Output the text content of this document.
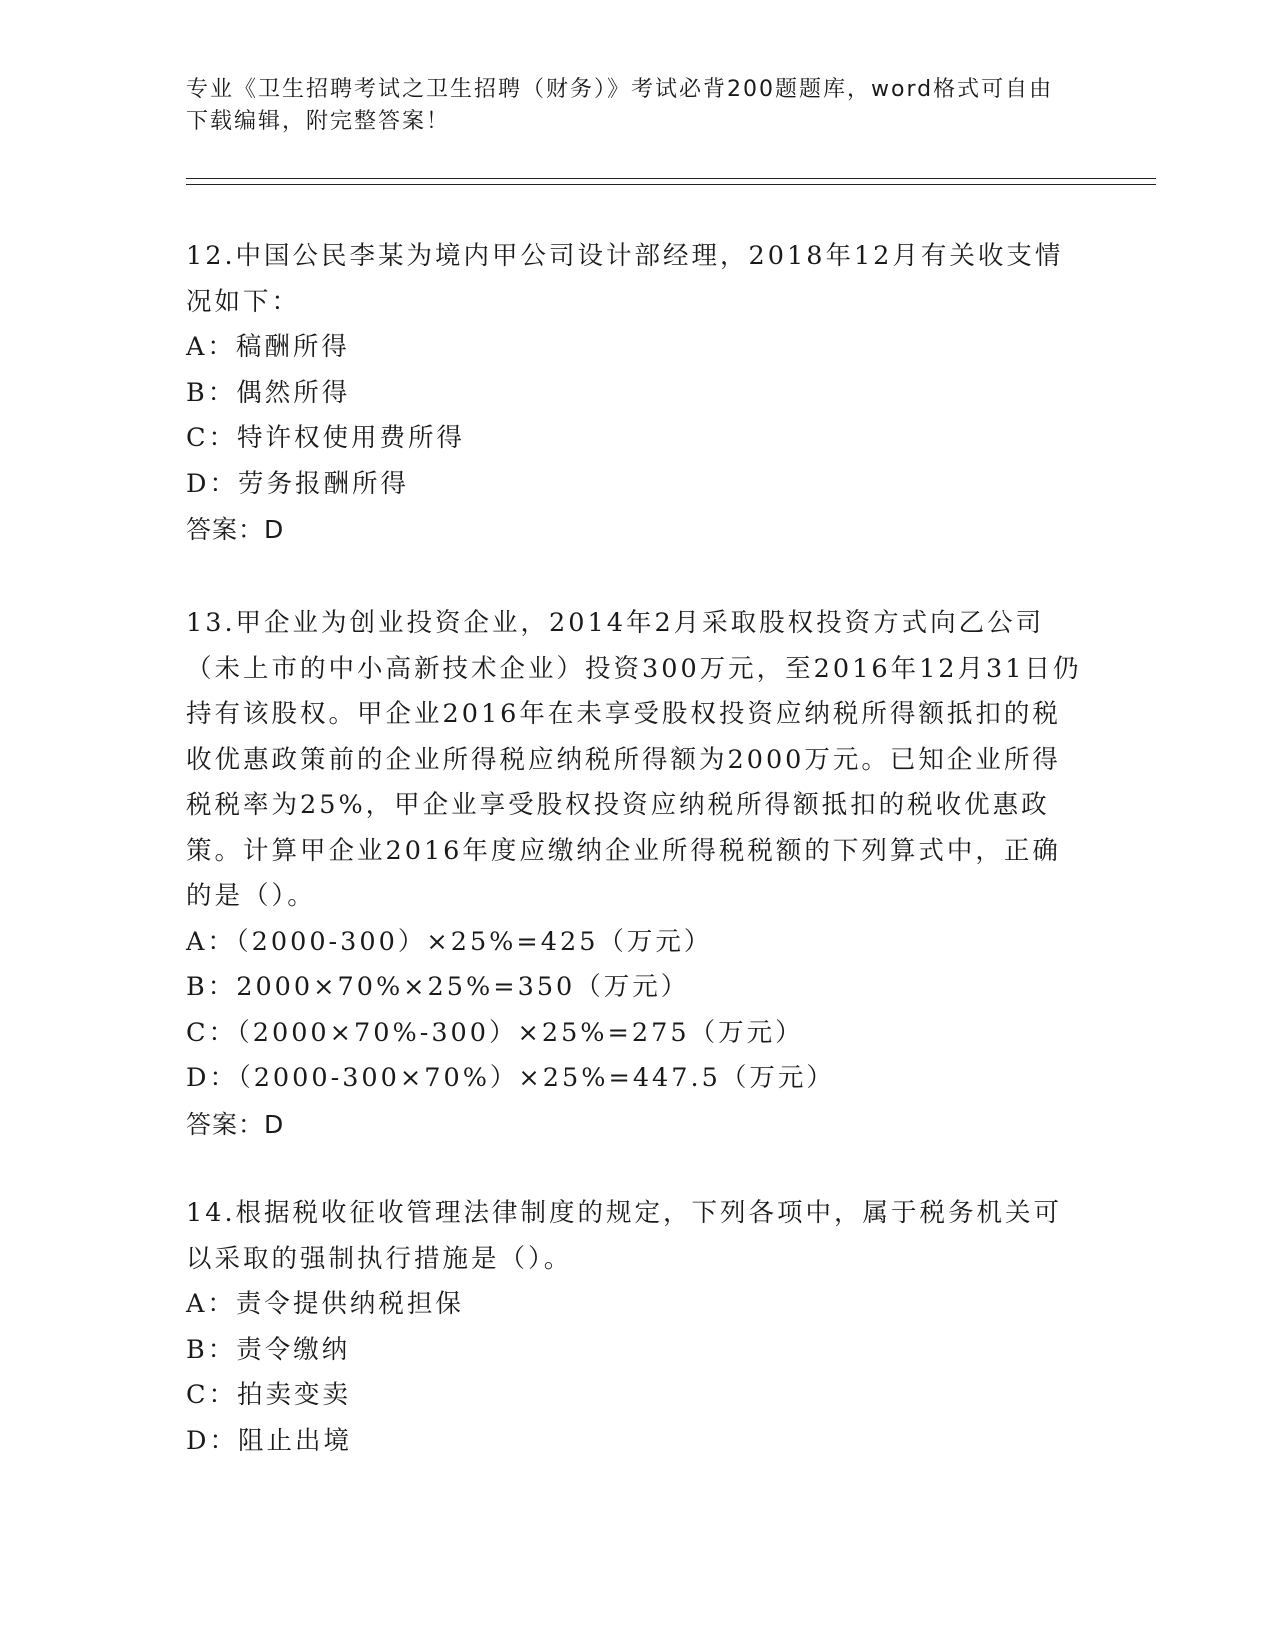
专业《卫生招聘考试之卫生招聘（财务）》考试必背200题题库，word格式可自由下载编辑，附完整答案！

12.中国公民李某为境内甲公司设计部经理，2018年12月有关收支情况如下：

A：稿酬所得

B：偶然所得

C：特许权使用费所得

D：劳务报酬所得

答案：D

13.甲企业为创业投资企业，2014年2月采取股权投资方式向乙公司（未上市的中小高新技术企业）投资300万元，至2016年12月31日仍持有该股权。甲企业2016年在未享受股权投资应纳税所得额抵扣的税收优惠政策前的企业所得税应纳税所得额为2000万元。已知企业所得税税率为25%，甲企业享受股权投资应纳税所得额抵扣的税收优惠政策。计算甲企业2016年度应缴纳企业所得税税额的下列算式中，正确的是（）。

A：（2000-300）×25%=425（万元）

B：2000×70%×25%=350（万元）

C：（2000×70%-300）×25%=275（万元）

D：（2000-300×70%）×25%=447.5（万元）

答案：D

14.根据税收征收管理法律制度的规定，下列各项中，属于税务机关可以采取的强制执行措施是（）。

A：责令提供纳税担保

B：责令缴纳

C：拍卖变卖

D：阻止出境
